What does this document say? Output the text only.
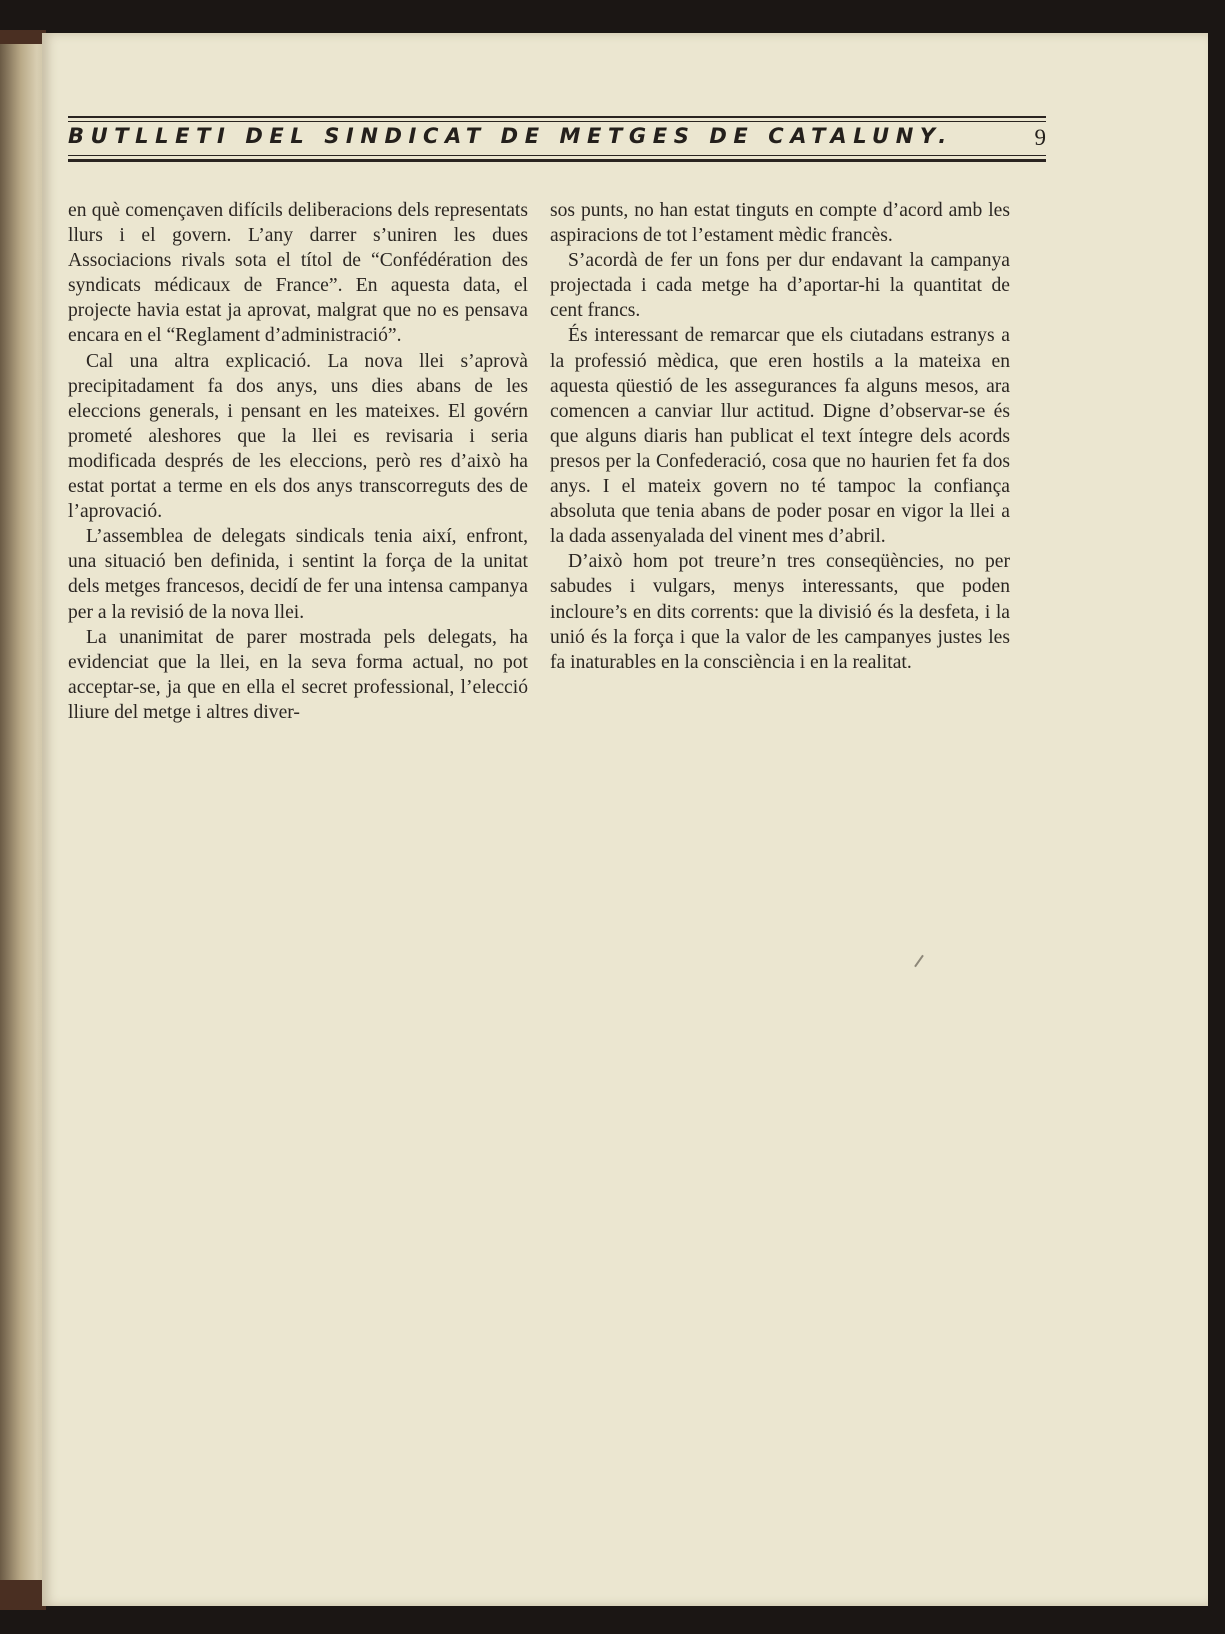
BUTLLETI DEL SINDICAT DE METGES DE CATALUNY.	9

en què començaven difícils deliberacions dels representats llurs i el govern. L’any darrer s’uniren les dues Associacions rivals sota el títol de “Confédération des syndicats médicaux de France”. En aquesta data, el projecte havia estat ja aprovat, malgrat que no es pensava encara en el “Reglament d’administració”.

Cal una altra explicació. La nova llei s’aprovà precipitadament fa dos anys, uns dies abans de les eleccions generals, i pensant en les mateixes. El govérn prometé aleshores que la llei es revisaria i seria modificada després de les eleccions, però res d’això ha estat portat a terme en els dos anys transcorreguts des de l’aprovació.

L’assemblea de delegats sindicals tenia així, enfront, una situació ben definida, i sentint la força de la unitat dels metges francesos, decidí de fer una intensa campanya per a la revisió de la nova llei.

La unanimitat de parer mostrada pels delegats, ha evidenciat que la llei, en la seva forma actual, no pot acceptar-se, ja que en ella el secret professional, l’elecció lliure del metge i altres diver-

sos punts, no han estat tinguts en compte d’acord amb les aspiracions de tot l’estament mèdic francès.

S’acordà de fer un fons per dur endavant la campanya projectada i cada metge ha d’aportar-hi la quantitat de cent francs.

És interessant de remarcar que els ciutadans estranys a la professió mèdica, que eren hostils a la mateixa en aquesta qüestió de les assegurances fa alguns mesos, ara comencen a canviar llur actitud. Digne d’observar-se és que alguns diaris han publicat el text íntegre dels acords presos per la Confederació, cosa que no haurien fet fa dos anys. I el mateix govern no té tampoc la confiança absoluta que tenia abans de poder posar en vigor la llei a la dada assenyalada del vinent mes d’abril.

D’això hom pot treure’n tres conseqüències, no per sabudes i vulgars, menys interessants, que poden incloure’s en dits corrents: que la divisió és la desfeta, i la unió és la força i que la valor de les campanyes justes les fa inaturables en la consciència i en la realitat.
